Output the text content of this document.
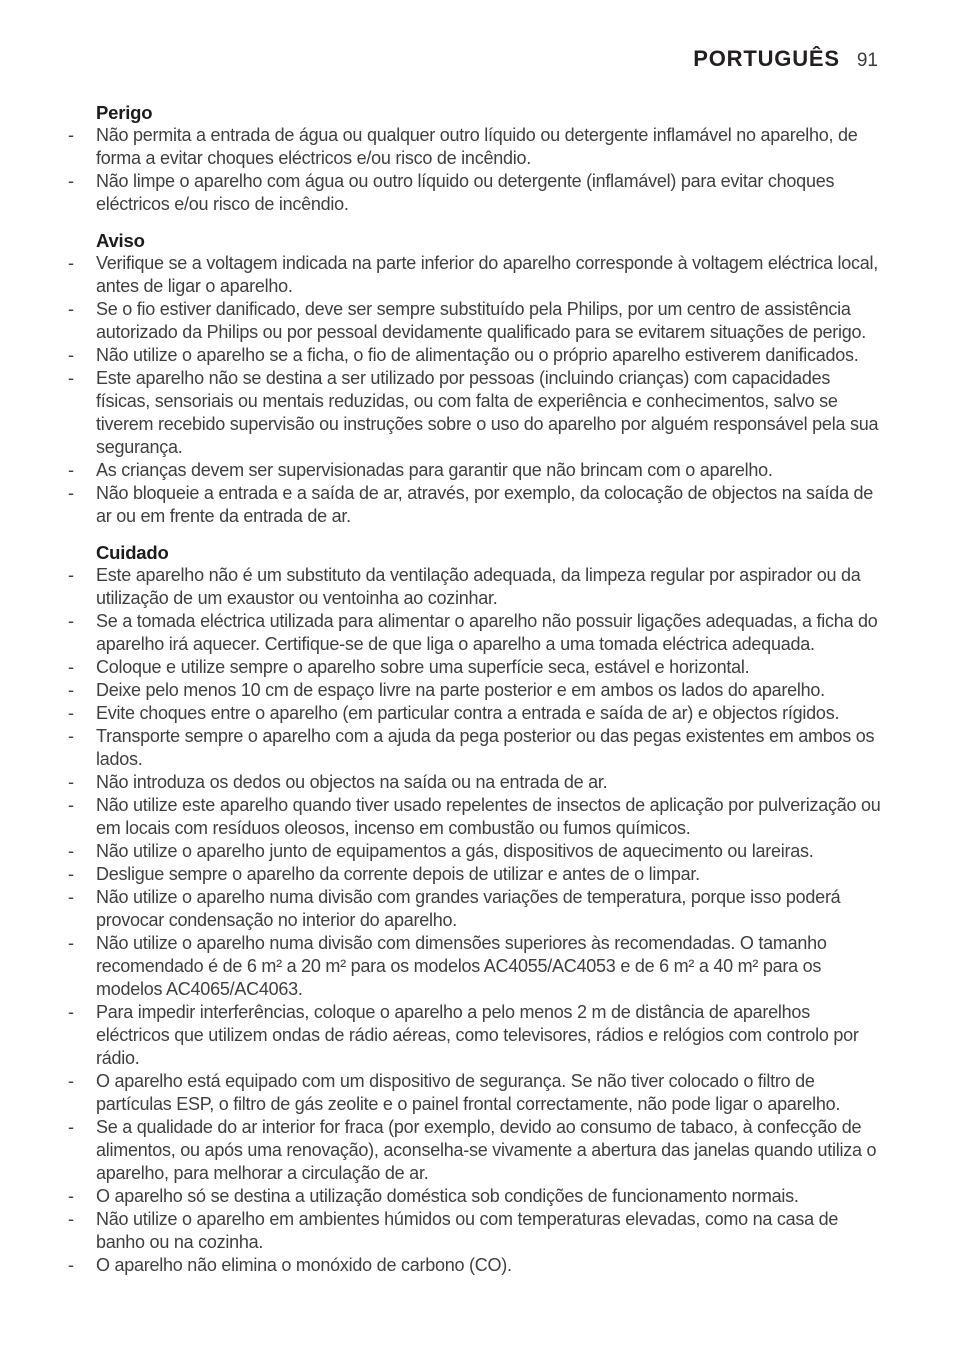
PORTUGUÊS 91
Perigo
-	Não permita a entrada de água ou qualquer outro líquido ou detergente inflamável no aparelho, de forma a evitar choques eléctricos e/ou risco de incêndio.
-	Não limpe o aparelho com água ou outro líquido ou detergente (inflamável) para evitar choques eléctricos e/ou risco de incêndio.
Aviso
-	Verifique se a voltagem indicada na parte inferior do aparelho corresponde à voltagem eléctrica local, antes de ligar o aparelho.
-	Se o fio estiver danificado, deve ser sempre substituído pela Philips, por um centro de assistência autorizado da Philips ou por pessoal devidamente qualificado para se evitarem situações de perigo.
-	Não utilize o aparelho se a ficha, o fio de alimentação ou o próprio aparelho estiverem danificados.
-	Este aparelho não se destina a ser utilizado por pessoas (incluindo crianças) com capacidades físicas, sensoriais ou mentais reduzidas, ou com falta de experiência e conhecimentos, salvo se tiverem recebido supervisão ou instruções sobre o uso do aparelho por alguém responsável pela sua segurança.
-	As crianças devem ser supervisionadas para garantir que não brincam com o aparelho.
-	Não bloqueie a entrada e a saída de ar, através, por exemplo, da colocação de objectos na saída de ar ou em frente da entrada de ar.
Cuidado
-	Este aparelho não é um substituto da ventilação adequada, da limpeza regular por aspirador ou da utilização de um exaustor ou ventoinha ao cozinhar.
-	Se a tomada eléctrica utilizada para alimentar o aparelho não possuir ligações adequadas, a ficha do aparelho irá aquecer. Certifique-se de que liga o aparelho a uma tomada eléctrica adequada.
-	Coloque e utilize sempre o aparelho sobre uma superfície seca, estável e horizontal.
-	Deixe pelo menos 10 cm de espaço livre na parte posterior e em ambos os lados do aparelho.
-	Evite choques entre o aparelho (em particular contra a entrada e saída de ar) e objectos rígidos.
-	Transporte sempre o aparelho com a ajuda da pega posterior ou das pegas existentes em ambos os lados.
-	Não introduza os dedos ou objectos na saída ou na entrada de ar.
-	Não utilize este aparelho quando tiver usado repelentes de insectos de aplicação por pulverização ou em locais com resíduos oleosos, incenso em combustão ou fumos químicos.
-	Não utilize o aparelho junto de equipamentos a gás, dispositivos de aquecimento ou lareiras.
-	Desligue sempre o aparelho da corrente depois de utilizar e antes de o limpar.
-	Não utilize o aparelho numa divisão com grandes variações de temperatura, porque isso poderá provocar condensação no interior do aparelho.
-	Não utilize o aparelho numa divisão com dimensões superiores às recomendadas. O tamanho recomendado é de 6 m² a 20 m² para os modelos AC4055/AC4053 e de 6 m² a 40 m² para os modelos AC4065/AC4063.
-	Para impedir interferências, coloque o aparelho a pelo menos 2 m de distância de aparelhos eléctricos que utilizem ondas de rádio aéreas, como televisores, rádios e relógios com controlo por rádio.
-	O aparelho está equipado com um dispositivo de segurança. Se não tiver colocado o filtro de partículas ESP, o filtro de gás zeolite e o painel frontal correctamente, não pode ligar o aparelho.
-	Se a qualidade do ar interior for fraca (por exemplo, devido ao consumo de tabaco, à confecção de alimentos, ou após uma renovação), aconselha-se vivamente a abertura das janelas quando utiliza o aparelho, para melhorar a circulação de ar.
-	O aparelho só se destina a utilização doméstica sob condições de funcionamento normais.
-	Não utilize o aparelho em ambientes húmidos ou com temperaturas elevadas, como na casa de banho ou na cozinha.
-	O aparelho não elimina o monóxido de carbono (CO).
